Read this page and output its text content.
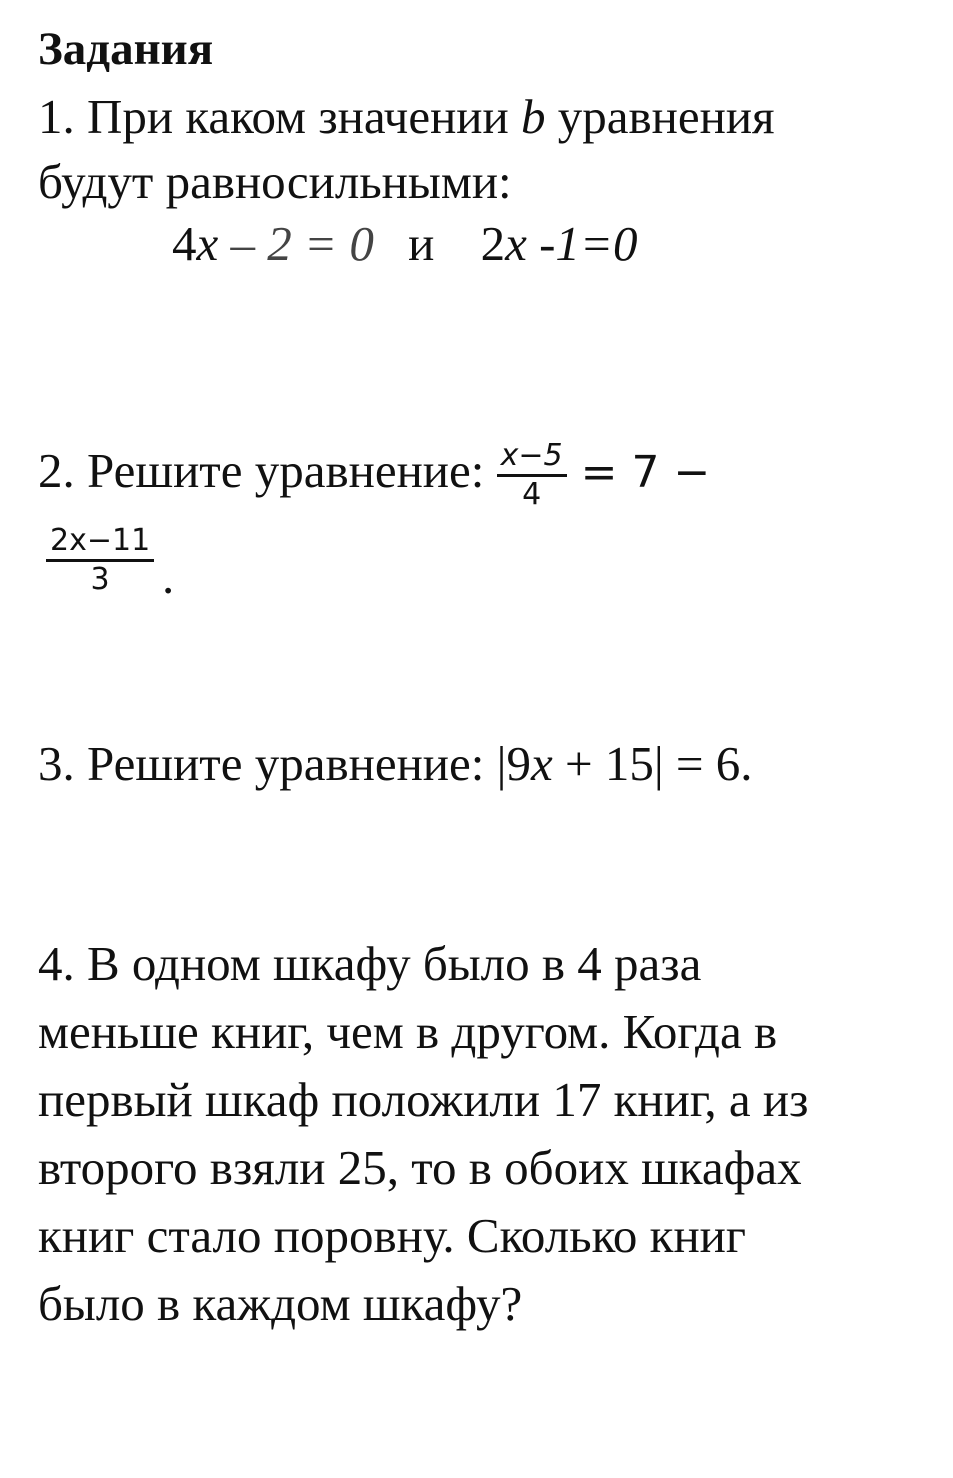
Задания
1. При каком значении b уравнения
будут равносильными:
4x – 2 = 0 и 2x -1=0
2. Решите уравнение: $\frac{x-5}{4} = 7$ −
$\frac{2x-11}{3}$ .
3. Решите уравнение: |9x + 15| = 6.
4. В одном шкафу было в 4 раза
меньше книг, чем в другом. Когда в
первый шкаф положили 17 книг, а из
второго взяли 25, то в обоих шкафах
книг стало поровну. Сколько книг
было в каждом шкафу?
